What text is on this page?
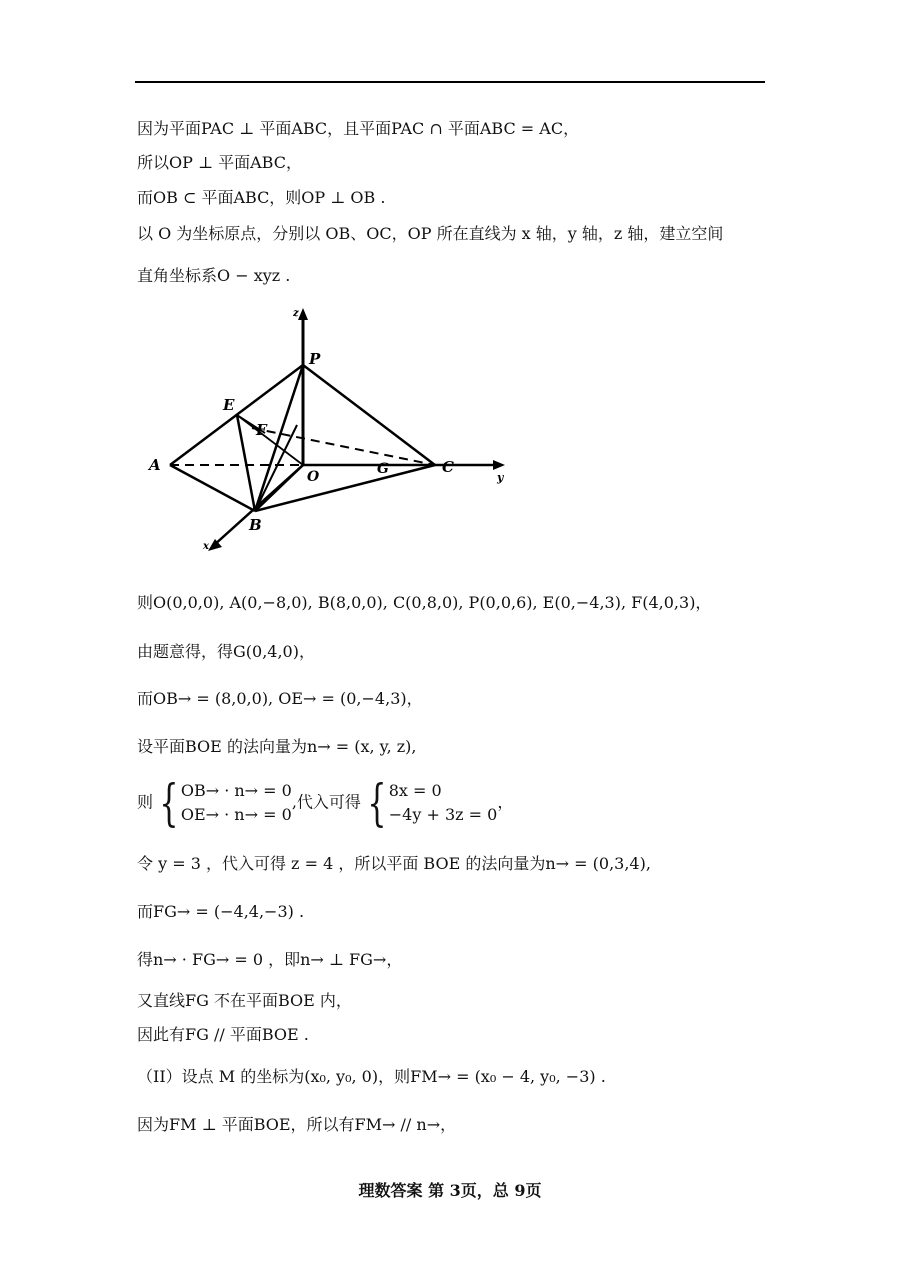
因为平面PAC ⊥ 平面ABC，且平面PAC ∩ 平面ABC = AC，
所以OP ⊥ 平面ABC，
而OB ⊂ 平面ABC，则OP ⊥ OB .
以 O 为坐标原点，分别以 OB、OC，OP 所在直线为 x 轴，y 轴，z 轴，建立空间
直角坐标系O − xyz .
z
P
E
F
A
O	G	C
y
B
x
则O(0,0,0), A(0,−8,0), B(8,0,0), C(0,8,0), P(0,0,6), E(0,−4,3), F(4,0,3)，
由题意得，得G(0,4,0)，
而OB→ = (8,0,0), OE→ = (0,−4,3)，
设平面BOE 的法向量为n→ = (x, y, z),
则 { OB→ · n→ = 0
OE→ · n→ = 0
,代入可得 { 8x = 0
−4y + 3z = 0
，
令 y = 3 ，代入可得 z = 4 ，所以平面 BOE 的法向量为n→ = (0,3,4),
而FG→ = (−4,4,−3) .
得n→ · FG→ = 0 ，即n→ ⊥ FG→，
又直线FG 不在平面BOE 内，
因此有FG // 平面BOE .
（II）设点 M 的坐标为(x₀, y₀, 0)，则FM→ = (x₀ − 4, y₀, −3) .
因为FM ⊥ 平面BOE，所以有FM→ // n→，
理数答案 第 3页，总 9页
